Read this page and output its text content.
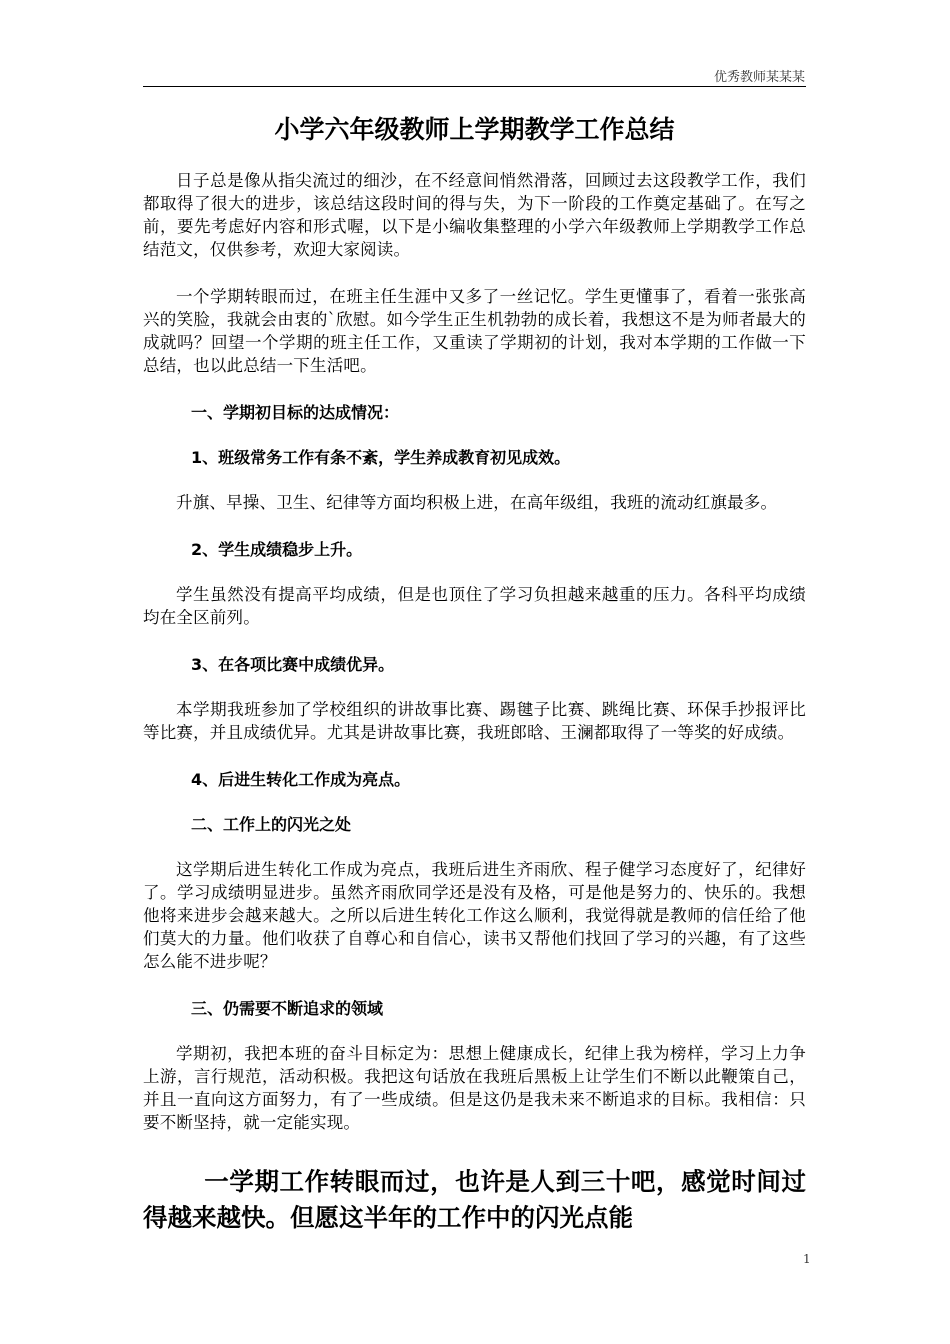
优秀教师某某某
小学六年级教师上学期教学工作总结

日子总是像从指尖流过的细沙，在不经意间悄然滑落，回顾过去这段教学工作，我们都取得了很大的进步，该总结这段时间的得与失，为下一阶段的工作奠定基础了。在写之前，要先考虑好内容和形式喔，以下是小编收集整理的小学六年级教师上学期教学工作总结范文，仅供参考，欢迎大家阅读。

一个学期转眼而过，在班主任生涯中又多了一丝记忆。学生更懂事了，看着一张张高兴的笑脸，我就会由衷的`欣慰。如今学生正生机勃勃的成长着，我想这不是为师者最大的成就吗？回望一个学期的班主任工作，又重读了学期初的计划，我对本学期的工作做一下总结，也以此总结一下生活吧。

一、学期初目标的达成情况：
1、班级常务工作有条不紊，学生养成教育初见成效。

升旗、早操、卫生、纪律等方面均积极上进，在高年级组，我班的流动红旗最多。

2、学生成绩稳步上升。

学生虽然没有提高平均成绩，但是也顶住了学习负担越来越重的压力。各科平均成绩均在全区前列。

3、在各项比赛中成绩优异。

本学期我班参加了学校组织的讲故事比赛、踢毽子比赛、跳绳比赛、环保手抄报评比等比赛，并且成绩优异。尤其是讲故事比赛，我班郎晗、王澜都取得了一等奖的好成绩。

4、后进生转化工作成为亮点。
二、工作上的闪光之处

这学期后进生转化工作成为亮点，我班后进生齐雨欣、程子健学习态度好了，纪律好了。学习成绩明显进步。虽然齐雨欣同学还是没有及格，可是他是努力的、快乐的。我想他将来进步会越来越大。之所以后进生转化工作这么顺利，我觉得就是教师的信任给了他们莫大的力量。他们收获了自尊心和自信心，读书又帮他们找回了学习的兴趣，有了这些怎么能不进步呢？

三、仍需要不断追求的领域

学期初，我把本班的奋斗目标定为：思想上健康成长，纪律上我为榜样，学习上力争上游，言行规范，活动积极。我把这句话放在我班后黑板上让学生们不断以此鞭策自己，并且一直向这方面努力，有了一些成绩。但是这仍是我未来不断追求的目标。我相信：只要不断坚持，就一定能实现。

一学期工作转眼而过，也许是人到三十吧，感觉时间过得越来越快。但愿这半年的工作中的闪光点能

1
